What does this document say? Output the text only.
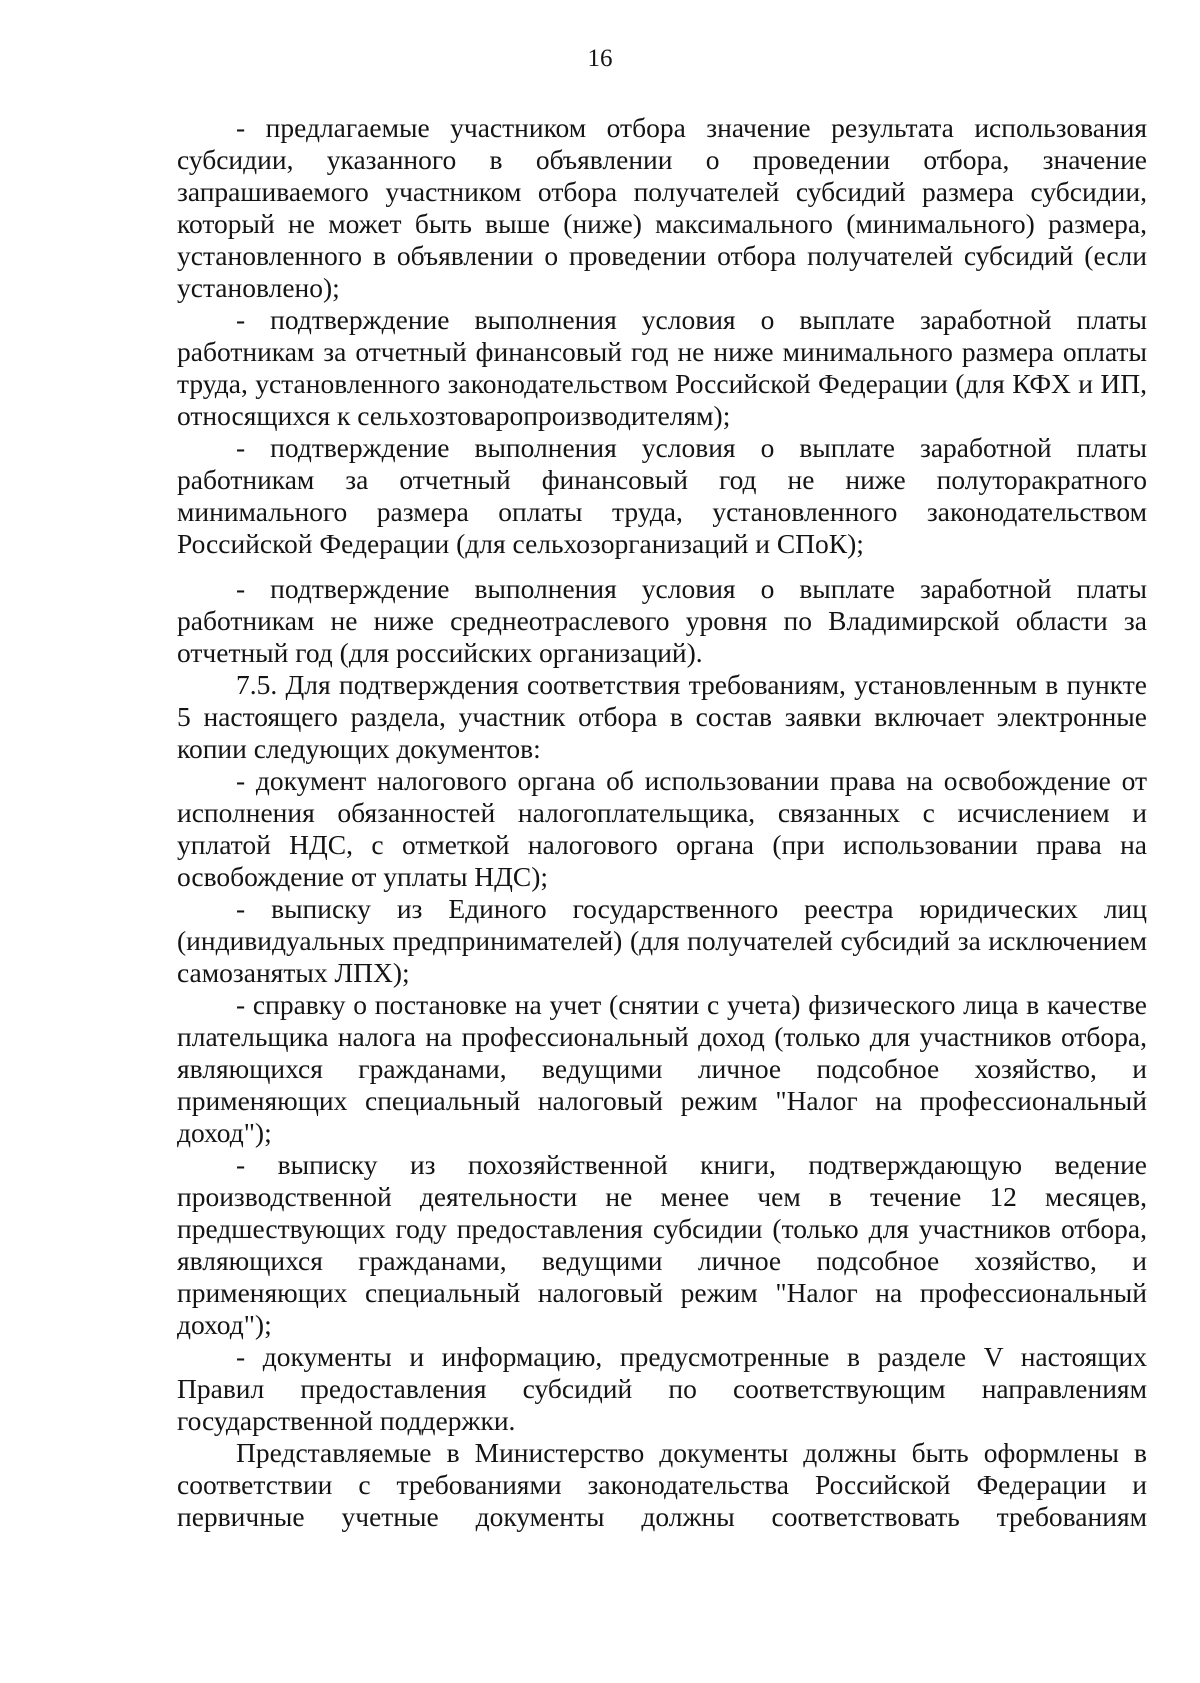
16

- предлагаемые участником отбора значение результата использования субсидии, указанного в объявлении о проведении отбора, значение запрашиваемого участником отбора получателей субсидий размера субсидии, который не может быть выше (ниже) максимального (минимального) размера, установленного в объявлении о проведении отбора получателей субсидий (если установлено);

- подтверждение выполнения условия о выплате заработной платы работникам за отчетный финансовый год не ниже минимального размера оплаты труда, установленного законодательством Российской Федерации (для КФХ и ИП, относящихся к сельхозтоваропроизводителям);

- подтверждение выполнения условия о выплате заработной платы работникам за отчетный финансовый год не ниже полуторакратного минимального размера оплаты труда, установленного законодательством Российской Федерации (для сельхозорганизаций и СПоК);

- подтверждение выполнения условия о выплате заработной платы работникам не ниже среднеотраслевого уровня по Владимирской области за отчетный год (для российских организаций).

7.5. Для подтверждения соответствия требованиям, установленным в пункте 5 настоящего раздела, участник отбора в состав заявки включает электронные копии следующих документов:

- документ налогового органа об использовании права на освобождение от исполнения обязанностей налогоплательщика, связанных с исчислением и уплатой НДС, с отметкой налогового органа (при использовании права на освобождение от уплаты НДС);

- выписку из Единого государственного реестра юридических лиц (индивидуальных предпринимателей) (для получателей субсидий за исключением самозанятых ЛПХ);

- справку о постановке на учет (снятии с учета) физического лица в качестве плательщика налога на профессиональный доход (только для участников отбора, являющихся гражданами, ведущими личное подсобное хозяйство, и применяющих специальный налоговый режим "Налог на профессиональный доход");

- выписку из похозяйственной книги, подтверждающую ведение производственной деятельности не менее чем в течение 12 месяцев, предшествующих году предоставления субсидии (только для участников отбора, являющихся гражданами, ведущими личное подсобное хозяйство, и применяющих специальный налоговый режим "Налог на профессиональный доход");

- документы и информацию, предусмотренные в разделе V настоящих Правил предоставления субсидий по соответствующим направлениям государственной поддержки.

Представляемые в Министерство документы должны быть оформлены в соответствии с требованиями законодательства Российской Федерации и первичные учетные документы должны соответствовать требованиям
